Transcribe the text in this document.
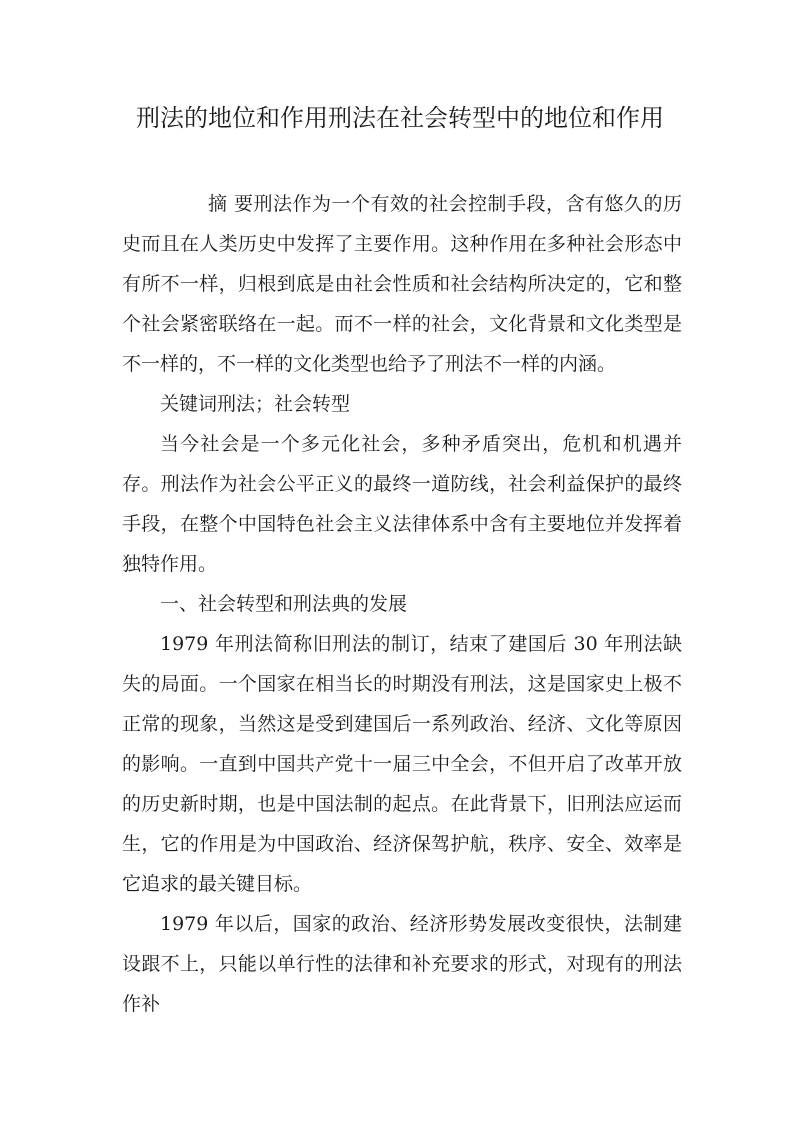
刑法的地位和作用刑法在社会转型中的地位和作用

摘 要刑法作为一个有效的社会控制手段，含有悠久的历史而且在人类历史中发挥了主要作用。这种作用在多种社会形态中有所不一样，归根到底是由社会性质和社会结构所决定的，它和整个社会紧密联络在一起。而不一样的社会，文化背景和文化类型是不一样的，不一样的文化类型也给予了刑法不一样的内涵。

关键词刑法；社会转型

当今社会是一个多元化社会，多种矛盾突出，危机和机遇并存。刑法作为社会公平正义的最终一道防线，社会利益保护的最终手段，在整个中国特色社会主义法律体系中含有主要地位并发挥着独特作用。

一、社会转型和刑法典的发展

1979 年刑法简称旧刑法的制订，结束了建国后 30 年刑法缺失的局面。一个国家在相当长的时期没有刑法，这是国家史上极不正常的现象，当然这是受到建国后一系列政治、经济、文化等原因的影响。一直到中国共产党十一届三中全会，不但开启了改革开放的历史新时期，也是中国法制的起点。在此背景下，旧刑法应运而生，它的作用是为中国政治、经济保驾护航，秩序、安全、效率是它追求的最关键目标。

1979 年以后，国家的政治、经济形势发展改变很快，法制建设跟不上，只能以单行性的法律和补充要求的形式，对现有的刑法作补
